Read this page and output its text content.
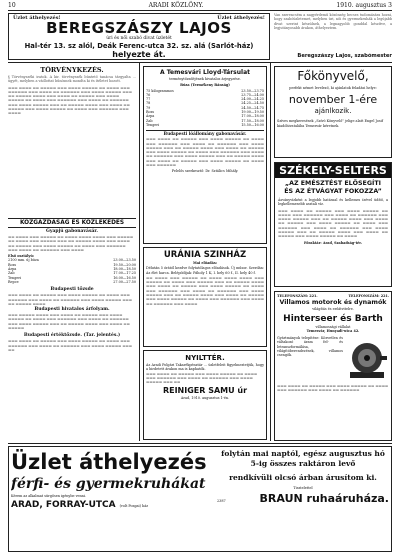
10	ARADI KÖZLÖNY.	1910. augusztus 3
Üzlet áthelyezés!	Üzlet áthelyezés!
BEREGSZÁSZY LAJOS
úri és női szabó divat üzletét
Hal-tér 13. sz alól, Deák Ferenc-utca 32. sz. alá (Sarlót-ház)
helyezte át.
Van szerencsém a nagyérdemű közönség becses tudomására hozni, hogy szabóüzletemet, melyben úri, női és gyermekruhák a legújabb divat szerint készülnek, a legnagyobb gonddal készítve, a legjutányosabb árakon, áthelyeztem.
Beregszászy Lajos, szabómester
TÖRVÉNYKEZÉS.
§ Törvényszéki iratok. A kir. törvényszék büntető tanácsa tárgyalta ... ügyét, melyben a vádlottat bűnösnek mondta ki és ítéletet hozott.
▬▬▬ ▬▬▬▬ ▬▬ ▬▬▬▬▬ ▬▬▬ ▬▬▬▬ ▬▬▬▬▬ ▬▬ ▬▬▬▬ ▬▬▬ ▬▬▬▬▬▬ ▬▬▬ ▬▬▬▬ ▬▬ ▬▬▬▬▬▬ ▬▬▬ ▬▬▬▬ ▬▬▬▬▬ ▬▬▬ ▬▬ ▬▬▬▬▬ ▬▬▬▬ ▬▬▬ ▬▬▬▬ ▬▬ ▬▬▬▬▬ ▬▬▬ ▬▬▬▬ ▬▬▬▬▬ ▬▬ ▬▬▬▬ ▬▬▬ ▬▬▬▬▬▬ ▬▬▬ ▬▬▬▬ ▬▬ ▬▬▬▬▬▬ ▬▬▬ ▬▬▬▬ ▬▬▬▬▬ ▬▬▬ ▬▬ ▬▬▬▬▬ ▬▬▬▬ ▬▬▬ ▬▬▬▬ ▬▬ ▬▬▬▬▬ ▬▬▬ ▬▬▬▬ ▬▬▬▬▬ ▬▬ ▬▬▬▬ ▬▬▬ ▬▬▬▬▬▬ ▬▬▬ ▬▬▬▬
KÖZGAZDASÁG ÉS KÖZLEKEDÉS
Gyapjú gabonavásár.
▬▬ ▬▬▬▬ ▬▬▬ ▬▬▬▬▬ ▬▬ ▬▬▬▬ ▬▬▬▬ ▬▬▬▬ ▬▬▬ ▬▬▬▬▬ ▬▬ ▬▬▬▬ ▬▬▬ ▬▬▬▬▬ ▬▬▬ ▬▬ ▬▬▬▬▬ ▬▬▬▬ ▬▬▬ ▬▬▬▬ ▬▬ ▬▬▬▬▬ ▬▬▬ ▬▬▬▬ ▬▬▬▬▬ ▬▬ ▬▬▬▬ ▬▬▬ ▬▬▬▬▬▬ ▬▬▬ ▬▬▬▬ ▬▬ ▬▬▬▬▬▬ ▬▬▬ ▬▬▬▬
Első osztályú:
2100 mm. új búza	23.00—23.50
Rozs	19.50—20.00
Árpa	18.00—18.50
Zab	17.00—17.25
Tengeri	16.00—16.50
Repce	27.00—27.50
Budapesti tőzsde
▬▬▬ ▬▬▬▬ ▬▬ ▬▬▬▬▬ ▬▬▬ ▬▬▬▬ ▬▬▬▬▬ ▬▬ ▬▬▬▬ ▬▬▬ ▬▬▬▬▬▬ ▬▬▬ ▬▬▬▬ ▬▬ ▬▬▬▬▬▬ ▬▬▬ ▬▬▬▬ ▬▬▬▬▬ ▬▬▬ ▬▬ ▬▬▬▬▬ ▬▬▬▬
Budapesti hivatalos árfolyam.
▬▬▬ ▬▬▬▬▬ ▬▬▬▬ ▬▬▬ ▬▬▬▬ ▬▬ ▬▬▬▬▬ ▬▬▬ ▬▬▬▬ ▬▬▬▬▬ ▬▬ ▬▬▬▬ ▬▬▬ ▬▬▬▬▬▬ ▬▬▬ ▬▬▬▬ ▬▬ ▬▬▬▬▬▬ ▬▬▬ ▬▬▬▬ ▬▬▬▬▬ ▬▬▬ ▬▬ ▬▬▬▬▬ ▬▬▬▬ ▬▬▬ ▬▬▬▬ ▬▬ ▬▬▬▬▬
Budapesti értéktőzsde. (Tar. jelentés.)
▬▬▬ ▬▬▬▬ ▬▬ ▬▬▬▬▬ ▬▬▬ ▬▬▬▬ ▬▬▬▬▬ ▬▬ ▬▬▬▬ ▬▬▬ ▬▬▬▬▬▬ ▬▬▬ ▬▬▬▬ ▬▬ ▬▬▬▬▬▬ ▬▬▬ ▬▬▬▬ ▬▬▬▬▬ ▬▬▬ ▬▬
A Temesvári Lloyd-Társulat
terménytőzsdéjének hivatalos árjegyzése.
Búza (Termékeny Bánság)
75 kilogrammos	23.50—23.75
76	23.75—24.00
77	24.00—24.25
78	24.25—24.50
79	24.50—24.75
Rozs	19.00—19.50
Árpa	17.00—18.00
Zab	17.50—18.00
Tengeri	15.50—16.00
Budapesti lóállomány gabonavásár.
▬▬▬ ▬▬▬▬ ▬▬ ▬▬▬▬▬ ▬▬▬ ▬▬▬▬ ▬▬▬▬▬ ▬▬ ▬▬▬▬ ▬▬▬ ▬▬▬▬▬▬ ▬▬▬ ▬▬▬▬ ▬▬ ▬▬▬▬▬▬ ▬▬▬ ▬▬▬▬ ▬▬▬▬▬ ▬▬▬ ▬▬ ▬▬▬▬▬ ▬▬▬▬ ▬▬▬ ▬▬▬▬ ▬▬ ▬▬▬▬▬ ▬▬▬ ▬▬▬▬ ▬▬▬▬▬ ▬▬ ▬▬▬▬ ▬▬▬ ▬▬▬▬▬▬ ▬▬▬ ▬▬▬▬ ▬▬ ▬▬▬▬▬▬ ▬▬▬ ▬▬▬▬ ▬▬▬▬▬ ▬▬▬ ▬▬ ▬▬▬▬▬ ▬▬▬▬ ▬▬▬ ▬▬▬▬ ▬▬ ▬▬▬▬▬ ▬▬▬ ▬▬▬▬ ▬▬▬▬▬ ▬▬ ▬▬▬▬ ▬▬▬ ▬▬▬▬▬▬
Felelős szerkesztő: Dr. Sztálics Mihály.
URÁNIA SZINHÁZ
Mai előadás:
Délután 5 órától kezdve folytatólagos előadások. Új műsor. Szerdán: Az élet harca. Belépődíjak: Páholy 1 K, I. hely 60 f., II. hely 40 f.
▬▬ ▬▬▬▬ ▬▬▬ ▬▬▬▬▬ ▬▬ ▬▬▬▬ ▬▬▬▬ ▬▬▬▬ ▬▬▬ ▬▬▬▬▬ ▬▬ ▬▬▬▬ ▬▬▬ ▬▬▬▬▬ ▬▬▬ ▬▬ ▬▬▬▬▬ ▬▬▬▬ ▬▬▬ ▬▬▬▬ ▬▬ ▬▬▬▬▬ ▬▬▬ ▬▬▬▬ ▬▬▬▬▬ ▬▬ ▬▬▬▬ ▬▬▬ ▬▬▬▬▬▬ ▬▬▬ ▬▬▬▬ ▬▬ ▬▬▬▬▬▬ ▬▬▬ ▬▬▬▬ ▬▬▬▬▬ ▬▬▬ ▬▬ ▬▬▬▬▬ ▬▬▬▬ ▬▬▬ ▬▬▬▬ ▬▬ ▬▬▬▬▬ ▬▬▬ ▬▬▬▬ ▬▬▬▬▬ ▬▬ ▬▬▬▬ ▬▬▬ ▬▬▬▬▬▬ ▬▬▬ ▬▬▬▬ ▬▬ ▬▬▬▬▬▬ ▬▬▬ ▬▬▬▬
NYILTTÉR.
Az Aradi Polgári Takarékpénztár ... üzletfeleit figyelmeztetjük, hogy a hirdetett árakon ma is kaphatók.
▬▬▬ ▬▬▬▬ ▬▬ ▬▬▬▬▬ ▬▬▬ ▬▬▬▬ ▬▬▬▬▬ ▬▬ ▬▬▬▬ ▬▬▬ ▬▬▬▬▬▬ ▬▬▬ ▬▬▬▬ ▬▬ ▬▬▬▬▬▬ ▬▬▬ ▬▬▬▬ ▬▬▬▬▬ ▬▬▬ ▬▬
REINIGER SAMU úr
Arad, 1910. augusztus 1-én.
Főkönyvelő,
perfekt német levelező, ki ajánlatok feladási helye:
november 1-ére
ajánlkozik.
Szíves megkeresések „Szívó Könyvelő” jelige alatt Engel Josif kiadóhivatalába Temesvár kéretnek.
SZÉKELY-SELTERS
„AZ EMÉSZTÉST ELŐSEGÍTI
ÉS AZ ÉTVÁGYAT FOKOZZA”
Ásványvízként a legjobb hatással és kellemes ízével üdítő, a legkellemesebb asztali víz.
▬▬▬ ▬▬▬▬ ▬▬ ▬▬▬▬▬ ▬▬▬ ▬▬▬▬ ▬▬▬▬▬ ▬▬ ▬▬▬▬ ▬▬▬ ▬▬▬▬▬▬ ▬▬▬ ▬▬▬▬ ▬▬ ▬▬▬▬▬▬ ▬▬▬ ▬▬▬▬ ▬▬▬▬▬ ▬▬▬ ▬▬ ▬▬▬▬▬ ▬▬▬▬ ▬▬▬ ▬▬▬▬ ▬▬ ▬▬▬▬▬ ▬▬▬ ▬▬▬▬ ▬▬▬▬▬ ▬▬ ▬▬▬▬ ▬▬▬ ▬▬▬▬▬▬ ▬▬▬ ▬▬▬▬ ▬▬ ▬▬▬▬▬▬ ▬▬▬ ▬▬▬▬ ▬▬▬▬▬ ▬▬▬ ▬▬ ▬▬▬▬▬ ▬▬▬▬ ▬▬▬ ▬▬▬▬ ▬▬ ▬▬▬▬▬ ▬▬▬ ▬▬▬▬ ▬▬▬▬▬ ▬▬ ▬▬▬▬
Főraktár: Arad, Szabadság-tér.
TELEFONSZÁM: 221.	TELEFONSZÁM: 221.
Villamos motorok és dynamók
világítás és erőátvitelre.
Hinterseer és Barth
villamossági vállalat
Temesvár, Hunyadi-utca 42.
Gyártmányok telepítése: Közvetlen és váltakozó áram fel- és letranszformálása, világítóberendezések, villamos csengők.
▬▬▬ ▬▬▬▬ ▬▬ ▬▬▬▬▬ ▬▬▬ ▬▬▬▬ ▬▬▬▬▬ ▬▬ ▬▬▬▬ ▬▬▬ ▬▬▬▬▬▬ ▬▬▬ ▬▬▬▬ ▬▬ ▬▬▬▬▬▬
Üzlet áthelyezés
férfi- és gyermekruhákat
Kérem az alkalmat sürgősen igénybe venni.
ARAD, FORRAY-UTCA (volt Posgai) ház
folytán mai naptól, egész augusztus hó 5-ig összes raktáron levő
rendkívüli olcsó árban árusítom ki.
Tisztelettel
2387	BRAUN ruhaáruháza.
